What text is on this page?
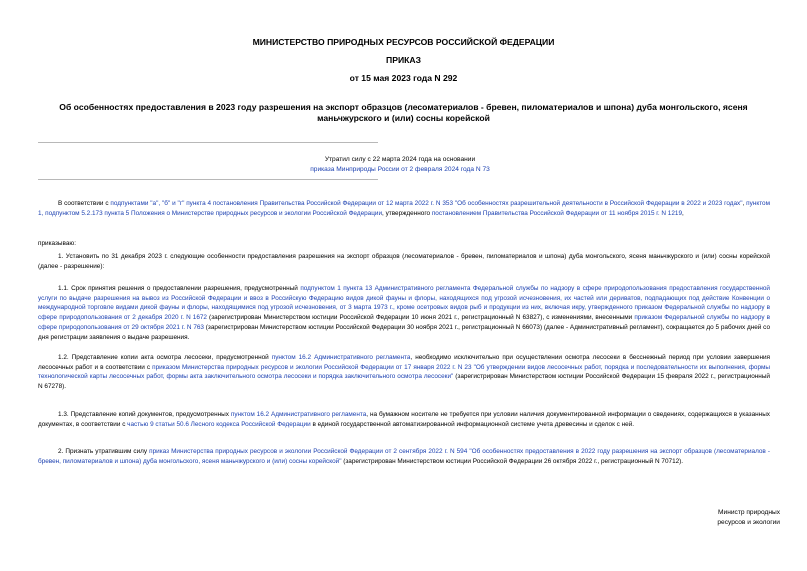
МИНИСТЕРСТВО ПРИРОДНЫХ РЕСУРСОВ РОССИЙСКОЙ ФЕДЕРАЦИИ
ПРИКАЗ
от 15 мая 2023 года N 292
Об особенностях предоставления в 2023 году разрешения на экспорт образцов (лесоматериалов - бревен, пиломатериалов и шпона) дуба монгольского, ясеня маньчжурского и (или) сосны корейской
Утратил силу с 22 марта 2024 года на основании
приказа Минприроды России от 2 февраля 2024 года N 73
В соответствии с подпунктами "а", "б" и "г" пункта 4 постановления Правительства Российской Федерации от 12 марта 2022 г. N 353 "Об особенностях разрешительной деятельности в Российской Федерации в 2022 и 2023 годах", пунктом 1, подпунктом 5.2.173 пункта 5 Положения о Министерстве природных ресурсов и экологии Российской Федерации, утвержденного постановлением Правительства Российской Федерации от 11 ноября 2015 г. N 1219,
приказываю:
1. Установить по 31 декабря 2023 г. следующие особенности предоставления разрешения на экспорт образцов (лесоматериалов - бревен, пиломатериалов и шпона) дуба монгольского, ясеня маньчжурского и (или) сосны корейской (далее - разрешение):
1.1. Срок принятия решения о предоставлении разрешения, предусмотренный подпунктом 1 пункта 13 Административного регламента Федеральной службы по надзору в сфере природопользования предоставления государственной услуги по выдаче разрешения на вывоз из Российской Федерации и ввоз в Российскую Федерацию видов дикой фауны и флоры, находящихся под угрозой исчезновения, их частей или дериватов, подпадающих под действие Конвенции о международной торговле видами дикой фауны и флоры, находящимися под угрозой исчезновения, от 3 марта 1973 г., кроме осетровых видов рыб и продукции из них, включая икру, утвержденного приказом Федеральной службы по надзору в сфере природопользования от 2 декабря 2020 г. N 1672 (зарегистрирован Министерством юстиции Российской Федерации 10 июня 2021 г., регистрационный N 63827), с изменениями, внесенными приказом Федеральной службы по надзору в сфере природопользования от 29 октября 2021 г. N 763 (зарегистрирован Министерством юстиции Российской Федерации 30 ноября 2021 г., регистрационный N 66073) (далее - Административный регламент), сокращается до 5 рабочих дней со дня регистрации заявления о выдаче разрешения.
1.2. Представление копии акта осмотра лесосеки, предусмотренной пунктом 16.2 Административного регламента, необходимо исключительно при осуществлении осмотра лесосеки в бесснежный период при условии завершения лесосечных работ и в соответствии с приказом Министерства природных ресурсов и экологии Российской Федерации от 17 января 2022 г. N 23 "Об утверждении видов лесосечных работ, порядка и последовательности их выполнения, формы технологической карты лесосечных работ, формы акта заключительного осмотра лесосеки и порядка заключительного осмотра лесосеки" (зарегистрирован Министерством юстиции Российской Федерации 15 февраля 2022 г., регистрационный N 67278).
1.3. Представление копий документов, предусмотренных пунктом 16.2 Административного регламента, на бумажном носителе не требуется при условии наличия документированной информации о сведениях, содержащихся в указанных документах, в соответствии с частью 9 статьи 50.6 Лесного кодекса Российской Федерации в единой государственной автоматизированной информационной системе учета древесины и сделок с ней.
2. Признать утратившим силу приказ Министерства природных ресурсов и экологии Российской Федерации от 2 сентября 2022 г. N 594 "Об особенностях предоставления в 2022 году разрешения на экспорт образцов (лесоматериалов - бревен, пиломатериалов и шпона) дуба монгольского, ясеня маньчжурского и (или) сосны корейской" (зарегистрирован Министерством юстиции Российской Федерации 26 октября 2022 г., регистрационный N 70712).
Министр природных
ресурсов и экологии
